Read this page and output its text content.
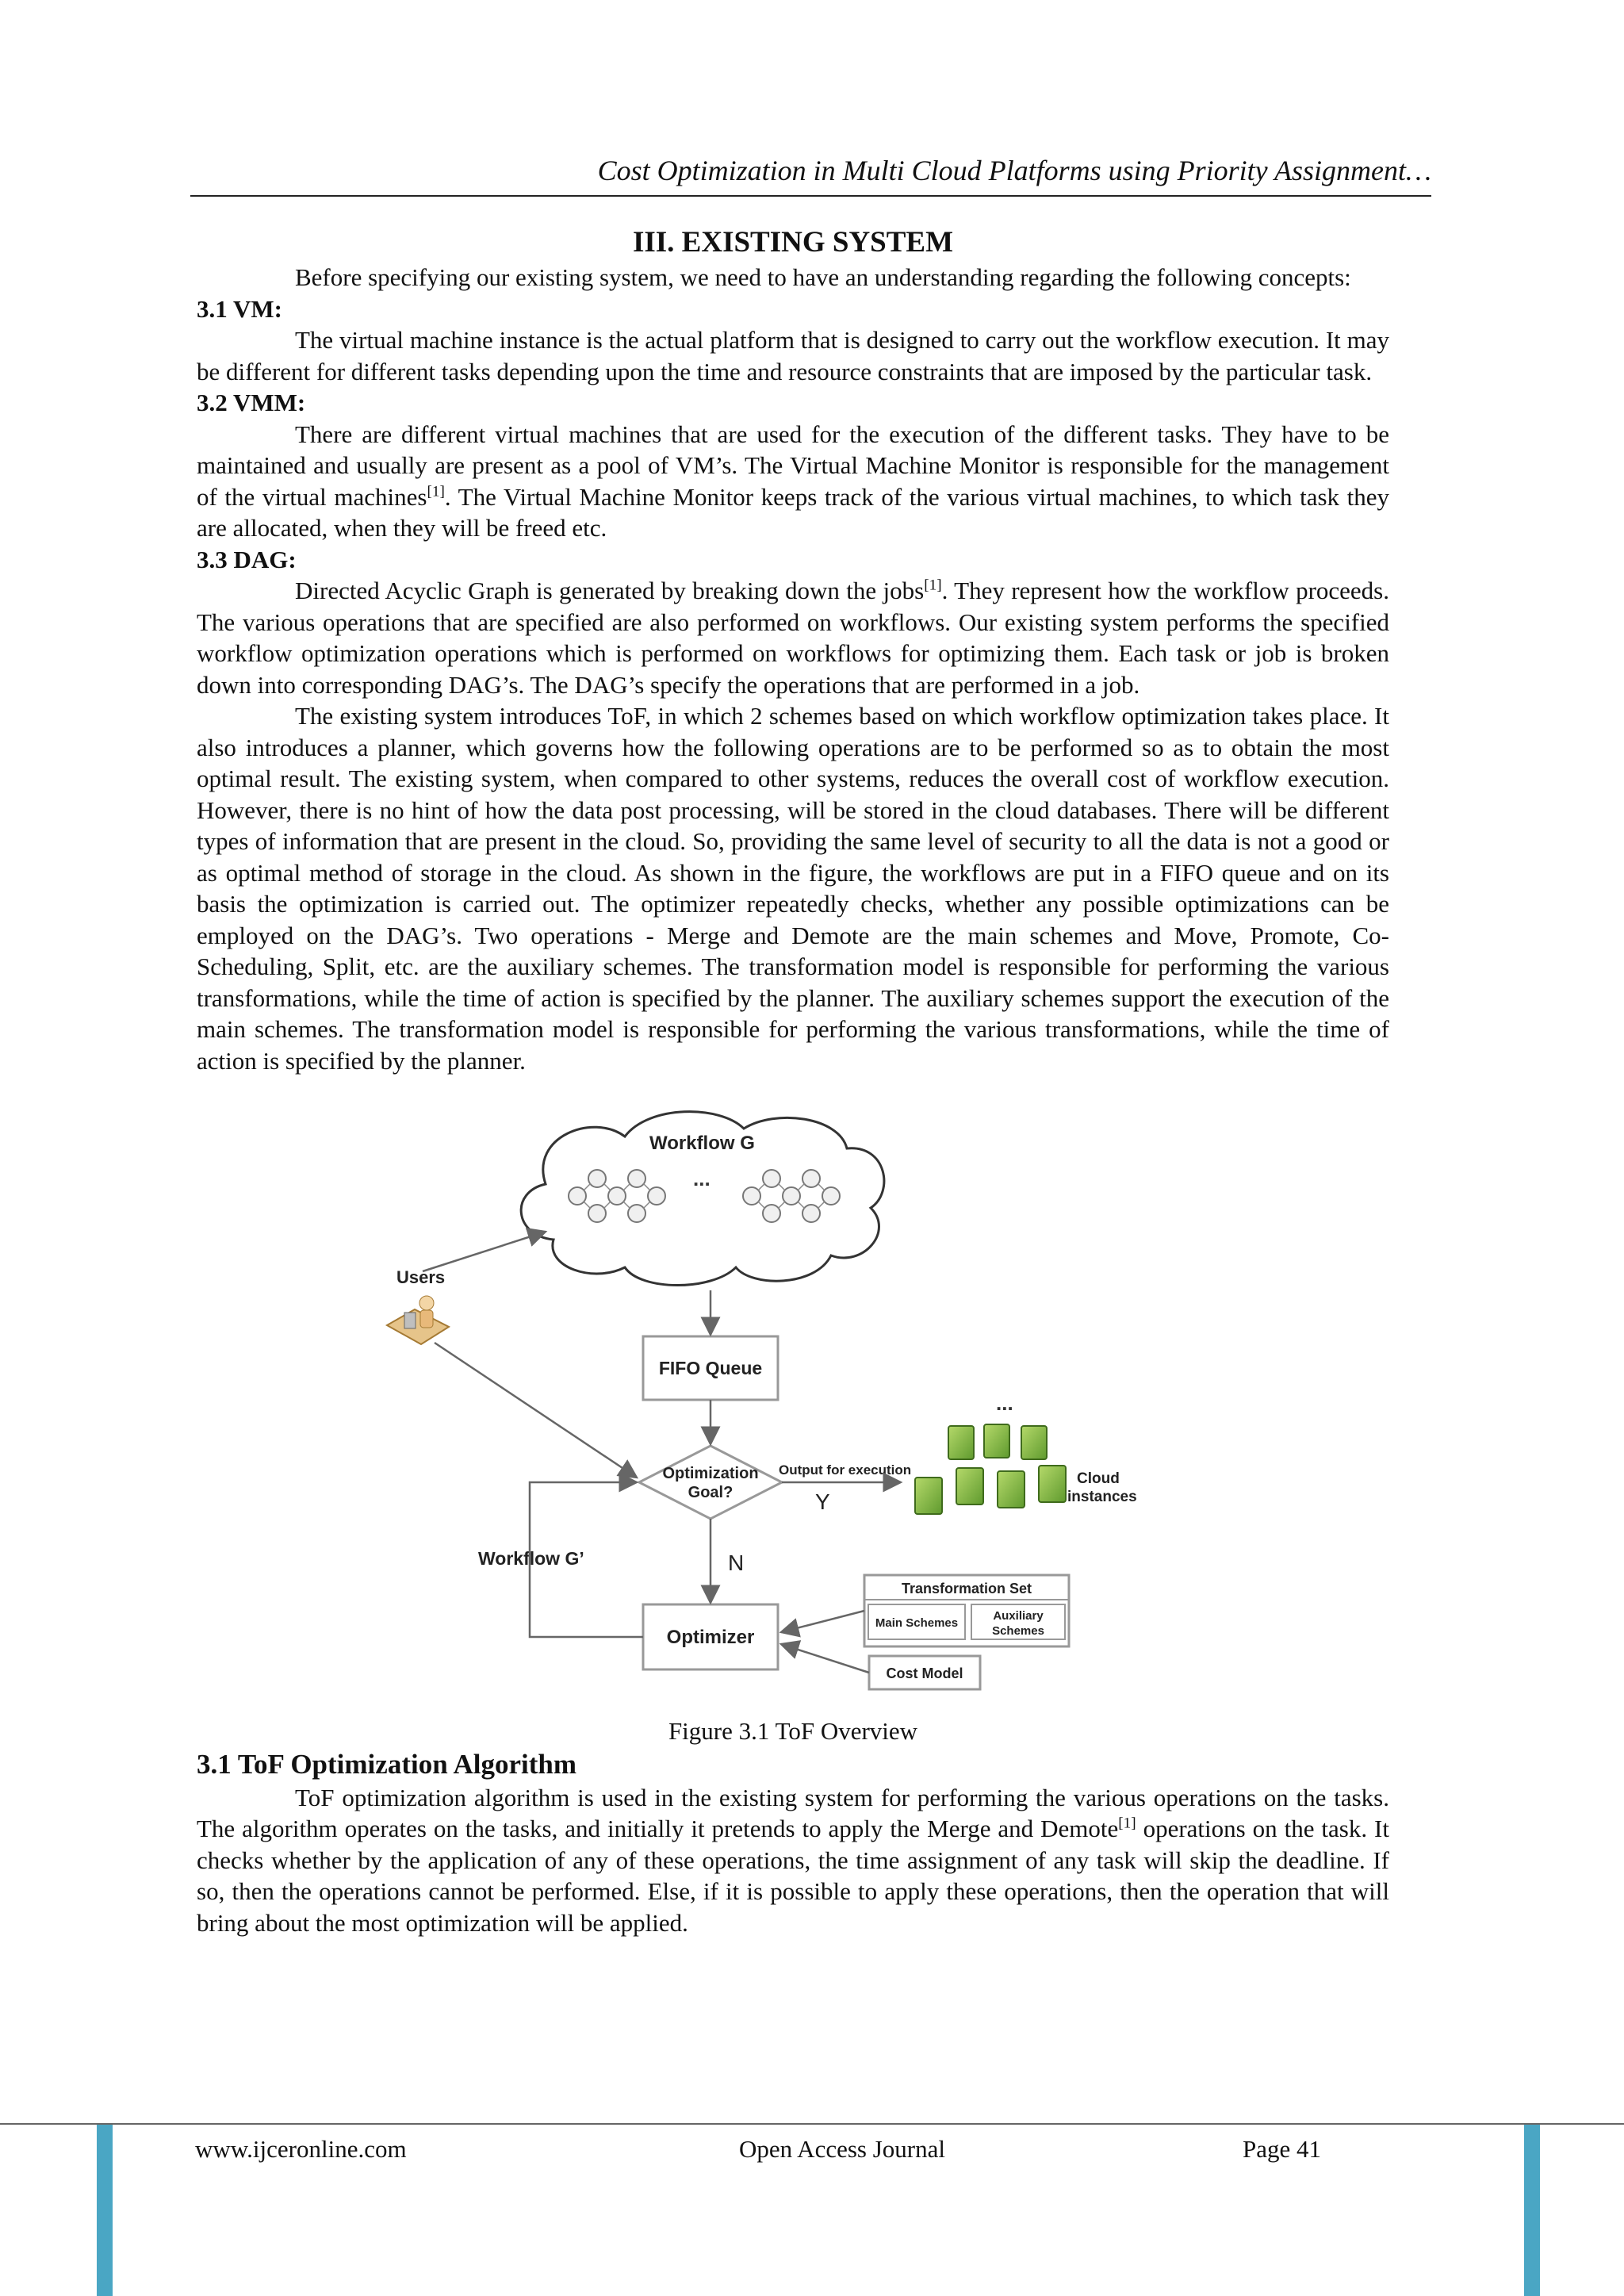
Cost Optimization in Multi Cloud Platforms using Priority Assignment…

III. EXISTING SYSTEM

Before specifying our existing system, we need to have an understanding regarding the following concepts:

3.1 VM:

The virtual machine instance is the actual platform that is designed to carry out the workflow execution. It may be different for different tasks depending upon the time and resource constraints that are imposed by the particular task.

3.2 VMM:

There are different virtual machines that are used for the execution of the different tasks. They have to be maintained and usually are present as a pool of VM’s. The Virtual Machine Monitor is responsible for the management of the virtual machines[1]. The Virtual Machine Monitor keeps track of the various virtual machines, to which task they are allocated, when they will be freed etc.

3.3 DAG:

Directed Acyclic Graph is generated by breaking down the jobs[1]. They represent how the workflow proceeds. The various operations that are specified are also performed on workflows. Our existing system performs the specified workflow optimization operations which is performed on workflows for optimizing them. Each task or job is broken down into corresponding DAG’s. The DAG’s specify the operations that are performed in a job.

The existing system introduces ToF, in which 2 schemes based on which workflow optimization takes place. It also introduces a planner, which governs how the following operations are to be performed so as to obtain the most optimal result. The existing system, when compared to other systems, reduces the overall cost of workflow execution. However, there is no hint of how the data post processing, will be stored in the cloud databases. There will be different types of information that are present in the cloud. So, providing the same level of security to all the data is not a good or as optimal method of storage in the cloud. As shown in the figure, the workflows are put in a FIFO queue and on its basis the optimization is carried out. The optimizer repeatedly checks, whether any possible optimizations can be employed on the DAG’s. Two operations - Merge and Demote are the main schemes and Move, Promote, Co-Scheduling, Split, etc. are the auxiliary schemes. The transformation model is responsible for performing the various transformations, while the time of action is specified by the planner. The auxiliary schemes support the execution of the main schemes. The transformation model is responsible for performing the various transformations, while the time of action is specified by the planner.

Workflow G
...
Users
FIFO Queue
Optimization
Goal?
Output for execution
Y
N
...
Cloud
instances
Workflow G’
Optimizer
Transformation Set
Main Schemes
Auxiliary
Schemes
Cost Model

Figure 3.1 ToF Overview

3.1 ToF Optimization Algorithm

ToF optimization algorithm is used in the existing system for performing the various operations on the tasks. The algorithm operates on the tasks, and initially it pretends to apply the Merge and Demote[1] operations on the task. It checks whether by the application of any of these operations, the time assignment of any task will skip the deadline. If so, then the operations cannot be performed. Else, if it is possible to apply these operations, then the operation that will bring about the most optimization will be applied.

www.ijceronline.com	Open Access Journal	Page 41
